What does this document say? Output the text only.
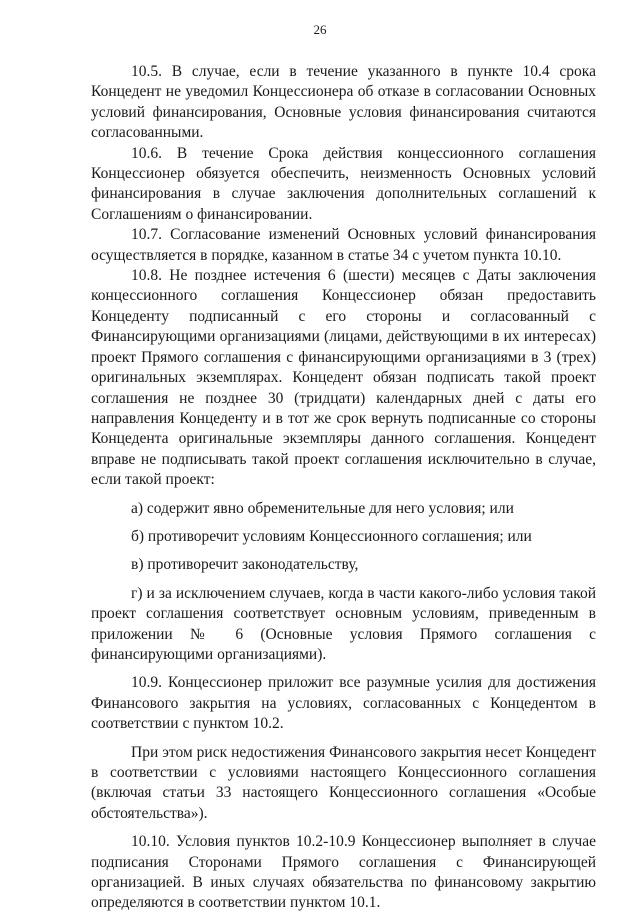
26

10.5. В случае, если в течение указанного в пункте 10.4 срока Концедент не уведомил Концессионера об отказе в согласовании Основных условий финансирования, Основные условия финансирования считаются согласованными.

10.6. В течение Срока действия концессионного соглашения Концессионер обязуется обеспечить, неизменность Основных условий финансирования в случае заключения дополнительных соглашений к Соглашениям о финансировании.

10.7. Согласование изменений Основных условий финансирования осуществляется в порядке, казанном в статье 34 с учетом пункта 10.10.

10.8. Не позднее истечения 6 (шести) месяцев с Даты заключения концессионного соглашения Концессионер обязан предоставить Концеденту подписанный с его стороны и согласованный с Финансирующими организациями (лицами, действующими в их интересах) проект Прямого соглашения с финансирующими организациями в 3 (трех) оригинальных экземплярах. Концедент обязан подписать такой проект соглашения не позднее 30 (тридцати) календарных дней с даты его направления Концеденту и в тот же срок вернуть подписанные со стороны Концедента оригинальные экземпляры данного соглашения. Концедент вправе не подписывать такой проект соглашения исключительно в случае, если такой проект:

а) содержит явно обременительные для него условия; или

б) противоречит условиям Концессионного соглашения; или

в) противоречит законодательству,

г) и за исключением случаев, когда в части какого-либо условия такой проект соглашения соответствует основным условиям, приведенным в приложении № 6 (Основные условия Прямого соглашения с финансирующими организациями).

10.9. Концессионер приложит все разумные усилия для достижения Финансового закрытия на условиях, согласованных с Концедентом в соответствии с пунктом 10.2.

При этом риск недостижения Финансового закрытия несет Концедент в соответствии с условиями настоящего Концессионного соглашения (включая статьи 33 настоящего Концессионного соглашения «Особые обстоятельства»).

10.10. Условия пунктов 10.2-10.9 Концессионер выполняет в случае подписания Сторонами Прямого соглашения с Финансирующей организацией. В иных случаях обязательства по финансовому закрытию определяются в соответствии пунктом 10.1.
